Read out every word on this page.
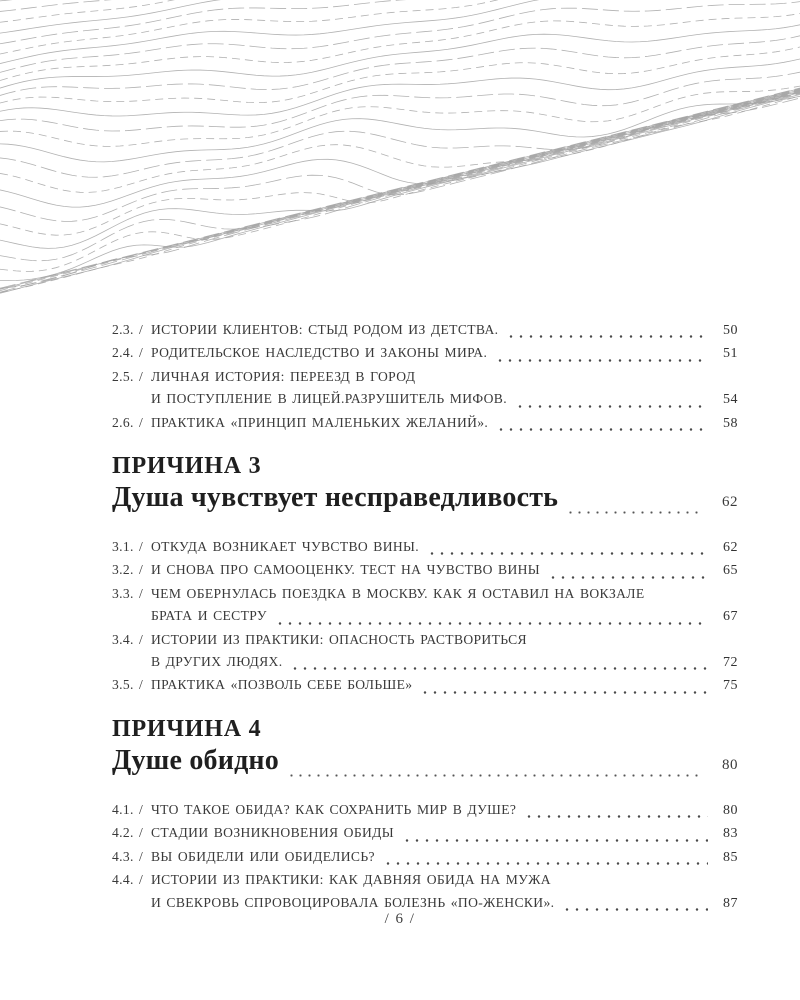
2.3. / ИСТОРИИ КЛИЕНТОВ: СТЫД РОДОМ ИЗ ДЕТСТВА.	50
2.4. / РОДИТЕЛЬСКОЕ НАСЛЕДСТВО И ЗАКОНЫ МИРА.	51
2.5. / ЛИЧНАЯ ИСТОРИЯ: ПЕРЕЕЗД В ГОРОД
И ПОСТУПЛЕНИЕ В ЛИЦЕЙ.РАЗРУШИТЕЛЬ МИФОВ.	54
2.6. / ПРАКТИКА «ПРИНЦИП МАЛЕНЬКИХ ЖЕЛАНИЙ».	58
ПРИЧИНА 3
Душа чувствует несправедливость	62
3.1. / ОТКУДА ВОЗНИКАЕТ ЧУВСТВО ВИНЫ.	62
3.2. / И СНОВА ПРО САМООЦЕНКУ. ТЕСТ НА ЧУВСТВО ВИНЫ	65
3.3. / ЧЕМ ОБЕРНУЛАСЬ ПОЕЗДКА В МОСКВУ. КАК Я ОСТАВИЛ НА ВОКЗАЛЕ
БРАТА И СЕСТРУ	67
3.4. / ИСТОРИИ ИЗ ПРАКТИКИ: ОПАСНОСТЬ РАСТВОРИТЬСЯ
В ДРУГИХ ЛЮДЯХ.	72
3.5. / ПРАКТИКА «ПОЗВОЛЬ СЕБЕ БОЛЬШЕ»	75
ПРИЧИНА 4
Душе обидно	80
4.1. / ЧТО ТАКОЕ ОБИДА? КАК СОХРАНИТЬ МИР В ДУШЕ?	80
4.2. / СТАДИИ ВОЗНИКНОВЕНИЯ ОБИДЫ	83
4.3. / ВЫ ОБИДЕЛИ ИЛИ ОБИДЕЛИСЬ?	85
4.4. / ИСТОРИИ ИЗ ПРАКТИКИ: КАК ДАВНЯЯ ОБИДА НА МУЖА
И СВЕКРОВЬ СПРОВОЦИРОВАЛА БОЛЕЗНЬ «ПО-ЖЕНСКИ».	87
/ 6 /
